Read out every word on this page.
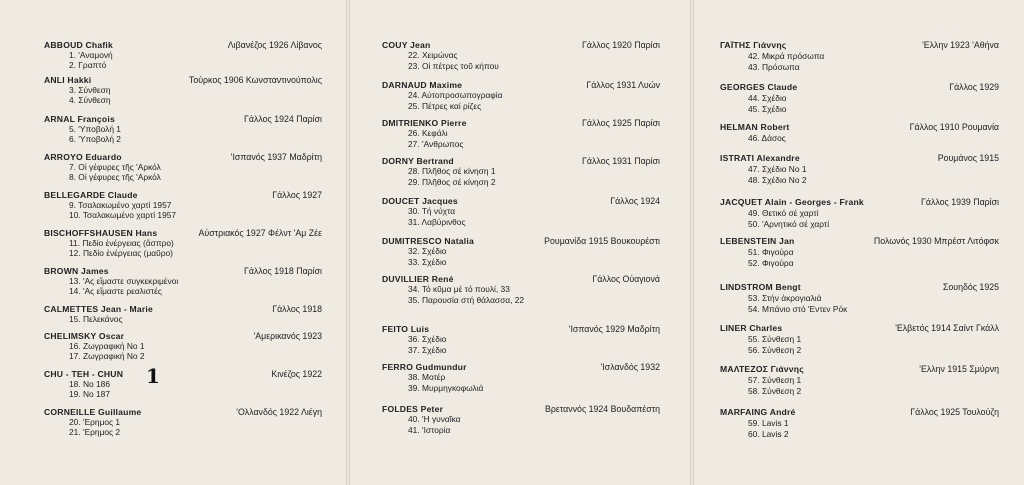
ABBOUD Chafik	Λιβανέζος 1926 Λίβανος
1. 'Αναμονή
2. Γραπτό
ANLI Hakki	Τούρκος 1906 Κωνσταντινούπολις
3. Σύνθεση
4. Σύνθεση
ARNAL François	Γάλλος 1924 Παρίσι
5. 'Υποβολή 1
6. 'Υποβολή 2
ARROYO Eduardo	'Ισπανός 1937 Μαδρίτη
7. Οἱ γέφυρες τῆς 'Αρκόλ
8. Οἱ γέφυρες τῆς 'Αρκόλ
BELLEGARDE Claude	Γάλλος 1927
9. Τσαλακωμένο χαρτί 1957
10. Τσαλακωμένο χαρτί 1957
BISCHOFFSHAUSEN Hans	Αὐστριακός 1927 Φέλντ 'Αμ Ζέε
11. Πεδίο ἐνέργειας (ἄσπρο)
12. Πεδίο ἐνέργειας (μαῦρο)
BROWN James	Γάλλος 1918 Παρίσι
13. 'Ας εἴμαστε συγκεκριμένοι
14. 'Ας εἴμαστε ρεαλιστές
CALMETTES Jean - Marie	Γάλλος 1918
15. Πελεκάνος
CHELIMSKY Oscar	'Αμερικανός 1923
16. Ζωγραφική Νο 1
17. Ζωγραφική Νο 2
CHU - TEH - CHUN	Κινέζος 1922
18. Νο 186
19. Νο 187
CORNEILLE Guillaume	'Ολλανδός 1922 Λιέγη
20. 'Ερημος 1
21. 'Ερημος 2
1
COUY Jean	Γάλλος 1920 Παρίσι
22. Χειμώνας
23. Οἱ πέτρες τοῦ κήπου
DARNAUD Maxime	Γάλλος 1931 Λυών
24. Αὐτοπροσωπογραφία
25. Πέτρες καί ρίζες
DMITRIENKO Pierre	Γάλλος 1925 Παρίσι
26. Κεφάλι
27. 'Ανθρωπος
DORNY Bertrand	Γάλλος 1931 Παρίσι
28. Πλῆθος σέ κίνηση 1
29. Πλῆθος σέ κίνηση 2
DOUCET Jacques	Γάλλος 1924
30. Τή νύχτα
31. Λαβύρινθος
DUMITRESCO Natalia	Ρουμανίδα 1915 Βουκουρέστι
32. Σχέδιο
33. Σχέδιο
DUVILLIER René	Γάλλος Οὐαγιονά
34. Τό κῦμα μέ τό πουλί, 33
35. Παρουσία στή θάλασσα, 22
FEITO Luis	'Ισπανός 1929 Μαδρίτη
36. Σχέδιο
37. Σχέδιο
FERRO Gudmundur	'Ισλανδός 1932
38. Μοτέρ
39. Μυρμηγκοφωλιά
FOLDES Peter	Βρεταννός 1924 Βουδαπέστη
40. 'Η γυναῖκα
41. 'Ιστορία
ΓΑΪΤΗΣ Γιάννης	'Ελλην 1923 'Αθήνα
42. Μικρά πρόσωπα
43. Πρόσωπα
GEORGES Claude	Γάλλος 1929
44. Σχέδιο
45. Σχέδιο
HELMAN Robert	Γάλλος 1910 Ρουμανία
46. Δάσος
ISTRATI Alexandre	Ρουμάνος 1915
47. Σχέδιο Νο 1
48. Σχέδιο Νο 2
JACQUET Alain - Georges - Frank	Γάλλος 1939 Παρίσι
49. Θετικό σέ χαρτί
50. 'Αρνητικό σέ χαρτί
LEBENSTEIN Jan	Πολωνός 1930 Μπρέστ Λιτόφσκ
51. Φιγούρα
52. Φιγούρα
LINDSTROM Bengt	Σουηδός 1925
53. Στήν ἀκρογιαλιά
54. Μπάνιο στό 'Εντεν Ρόκ
LINER Charles	'Ελβετός 1914 Σαίντ Γκάλλ
55. Σύνθεση 1
56. Σύνθεση 2
ΜΑΛΤΕΖΟΣ Γιάννης	'Ελλην 1915 Σμύρνη
57. Σύνθεση 1
58. Σύνθεση 2
MARFAING André	Γάλλος 1925 Τουλούζη
59. Lavis 1
60. Lavis 2
